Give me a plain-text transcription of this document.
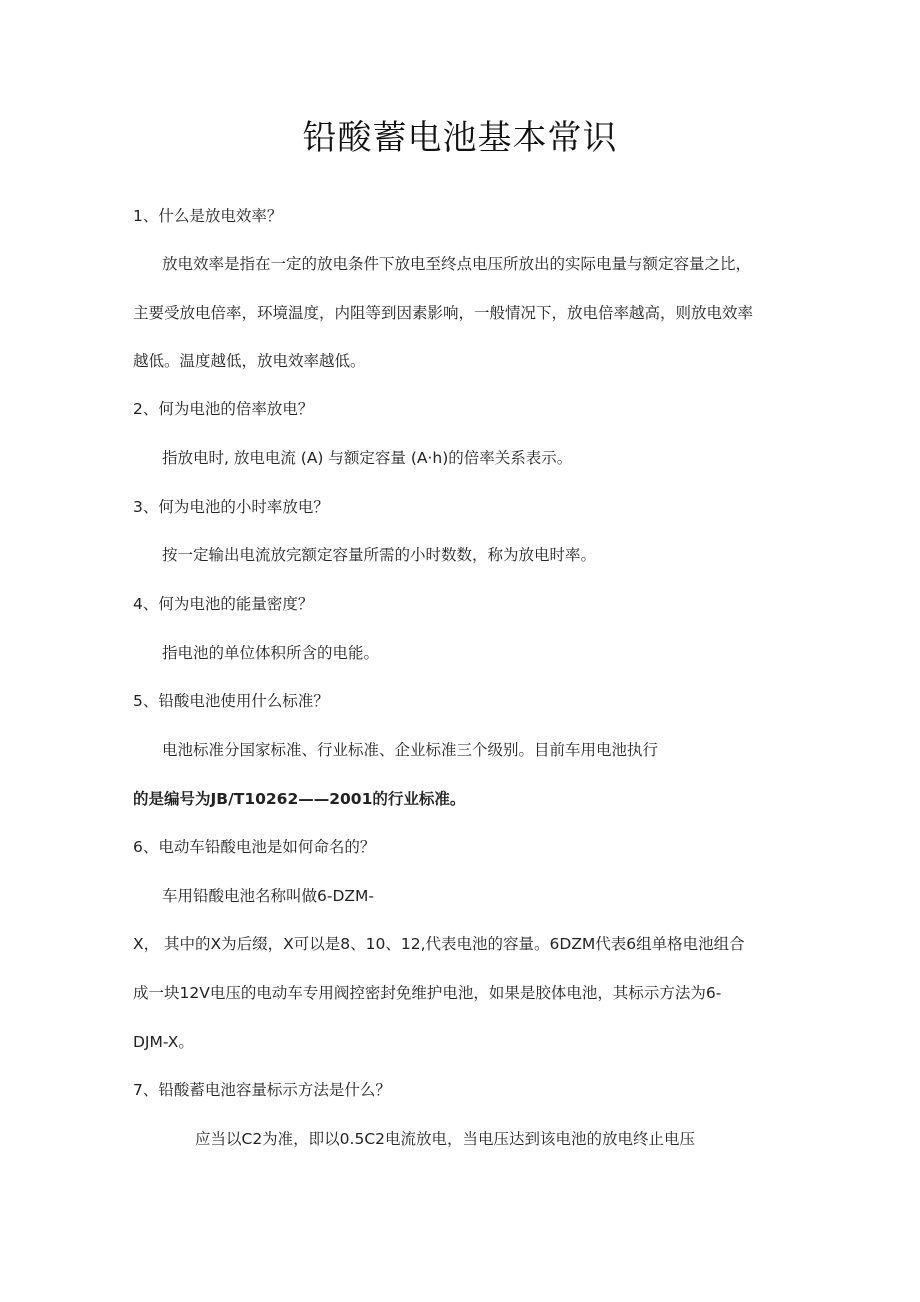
铅酸蓄电池基本常识
1、什么是放电效率？
放电效率是指在一定的放电条件下放电至终点电压所放出的实际电量与额定容量之比，
主要受放电倍率，环境温度，内阻等到因素影响，一般情况下，放电倍率越高，则放电效率
越低。温度越低，放电效率越低。
2、何为电池的倍率放电？
指放电时, 放电电流 (A) 与额定容量 (A·h)的倍率关系表示。
3、何为电池的小时率放电？
按一定输出电流放完额定容量所需的小时数数，称为放电时率。
4、何为电池的能量密度？
指电池的单位体积所含的电能。
5、铅酸电池使用什么标准？
电池标准分国家标准、行业标准、企业标准三个级别。目前车用电池执行
的是编号为JB/T10262——2001的行业标准。
6、电动车铅酸电池是如何命名的？
车用铅酸电池名称叫做6-DZM-
X， 其中的X为后缀，X可以是8、10、12,代表电池的容量。6DZM代表6组单格电池组合
成一块12V电压的电动车专用阀控密封免维护电池，如果是胶体电池，其标示方法为6-
DJM-X。
7、铅酸蓄电池容量标示方法是什么？
应当以C2为准，即以0.5C2电流放电，当电压达到该电池的放电终止电压
